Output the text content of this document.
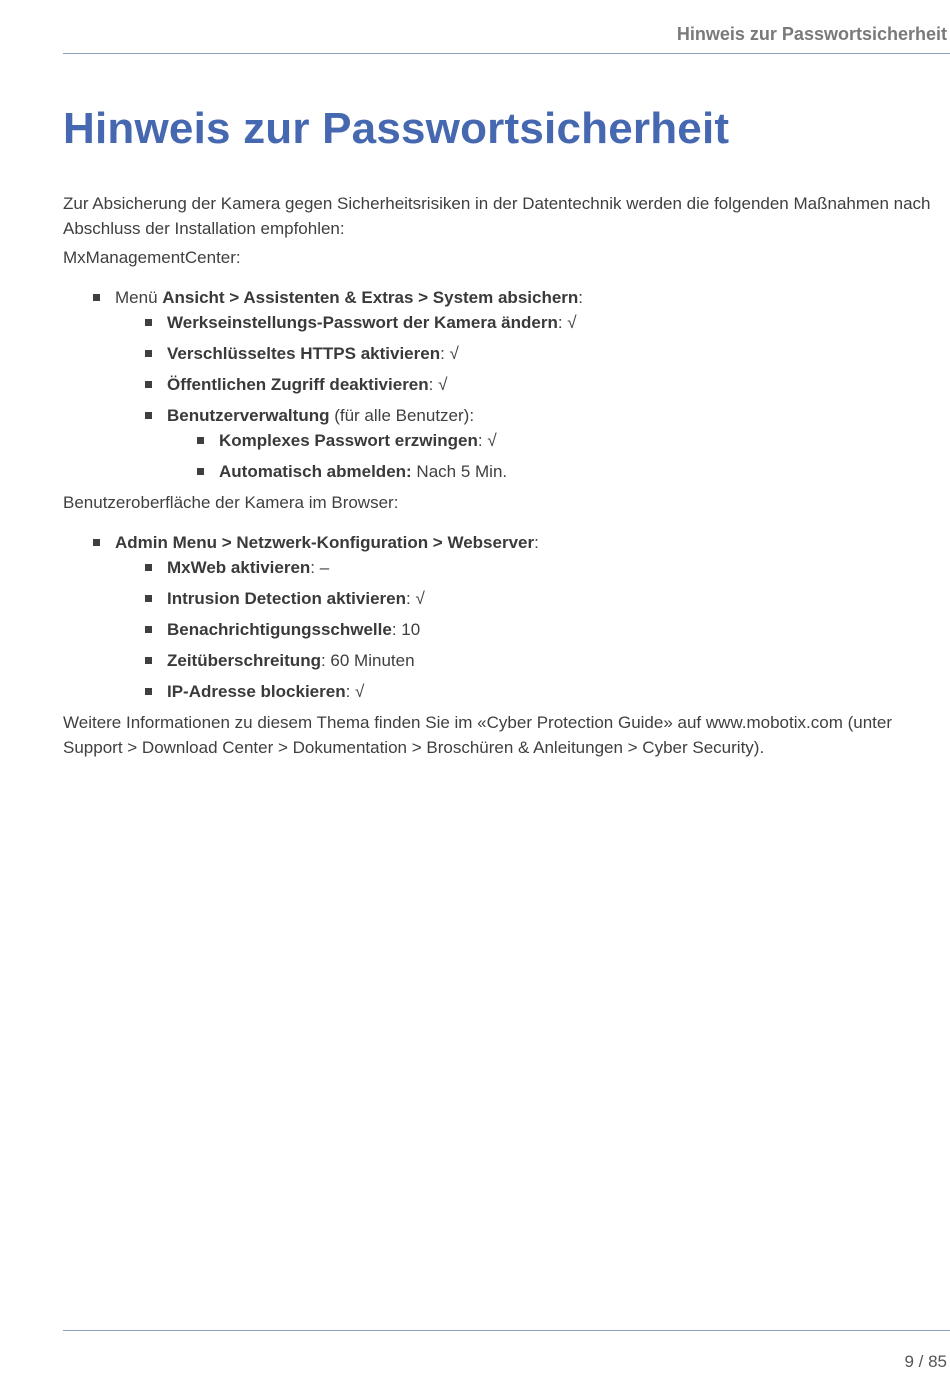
Hinweis zur Passwortsicherheit
Hinweis zur Passwortsicherheit

Zur Absicherung der Kamera gegen Sicherheitsrisiken in der Datentechnik werden die folgenden Maßnahmen nach Abschluss der Installation empfohlen:

MxManagementCenter:

Menü Ansicht > Assistenten & Extras > System absichern:
Werkseinstellungs-Passwort der Kamera ändern: √
Verschlüsseltes HTTPS aktivieren: √
Öffentlichen Zugriff deaktivieren: √
Benutzerverwaltung (für alle Benutzer):
Komplexes Passwort erzwingen: √
Automatisch abmelden: Nach 5 Min.

Benutzeroberfläche der Kamera im Browser:

Admin Menu > Netzwerk-Konfiguration > Webserver:
MxWeb aktivieren: –
Intrusion Detection aktivieren: √
Benachrichtigungsschwelle: 10
Zeitüberschreitung: 60 Minuten
IP-Adresse blockieren: √

Weitere Informationen zu diesem Thema finden Sie im «Cyber Protection Guide» auf www.mobotix.com (unter Support > Download Center > Dokumentation > Broschüren & Anleitungen > Cyber Security).

9 / 85
